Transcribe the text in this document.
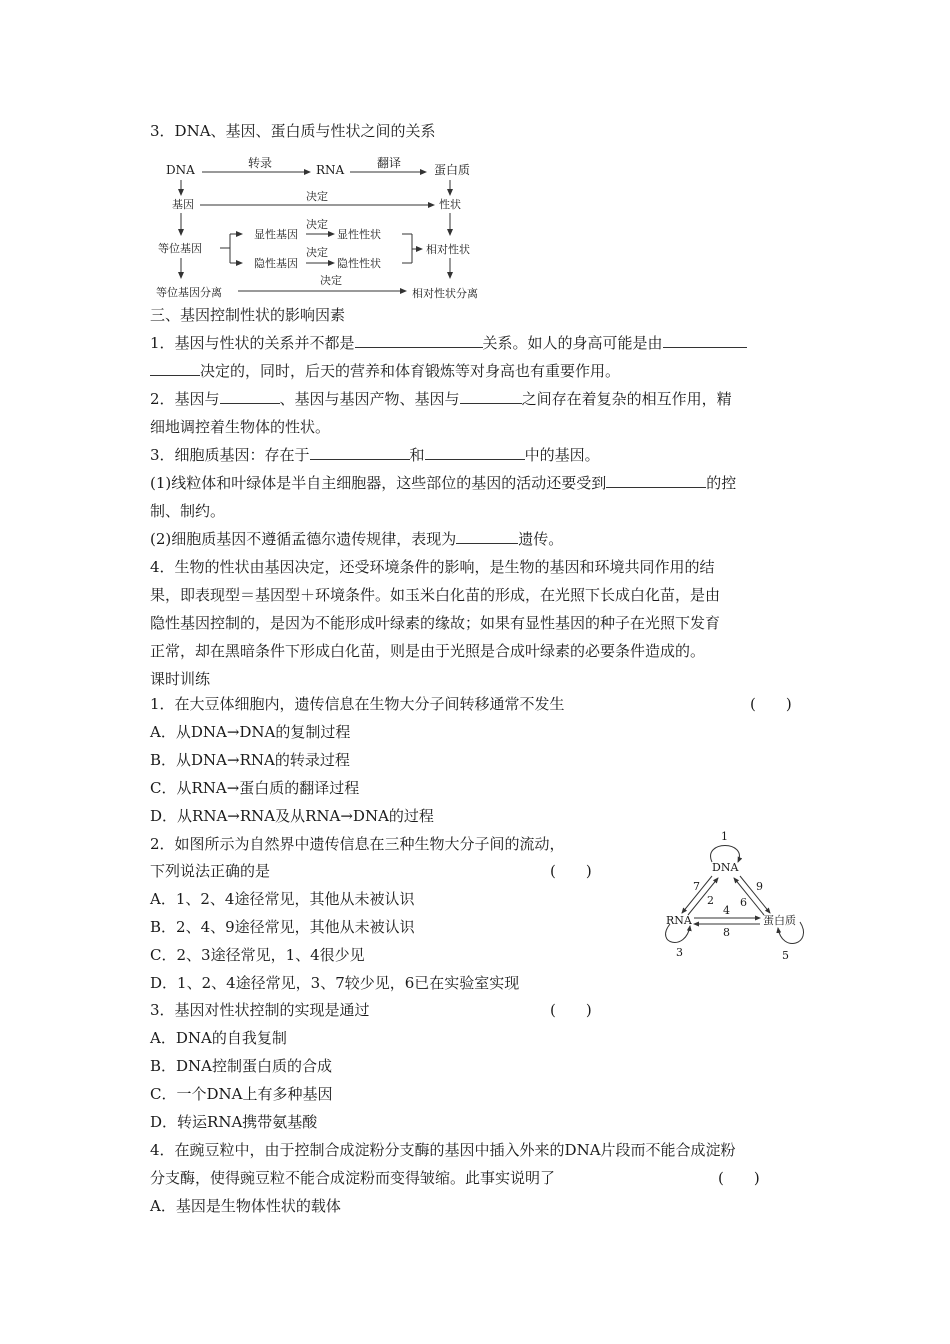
3．DNA、基因、蛋白质与性状之间的关系
DNA	转录	RNA	翻译	蛋白质
基因
决定
性状
等位基因
显性基因
决定
显性性状
隐性基因
决定
隐性性状
相对性状
等位基因分离
决定
相对性状分离
三、基因控制性状的影响因素
1．基因与性状的关系并不都是	关系。如人的身高可能是由
决定的，同时，后天的营养和体育锻炼等对身高也有重要作用。
2．基因与	、基因与基因产物、基因与	之间存在着复杂的相互作用，精
细地调控着生物体的性状。
3．细胞质基因：存在于	和	中的基因。
(1)线粒体和叶绿体是半自主细胞器，这些部位的基因的活动还要受到	的控
制、制约。
(2)细胞质基因不遵循孟德尔遗传规律，表现为	遗传。
4．生物的性状由基因决定，还受环境条件的影响，是生物的基因和环境共同作用的结
果，即表现型＝基因型＋环境条件。如玉米白化苗的形成，在光照下长成白化苗，是由
隐性基因控制的，是因为不能形成叶绿素的缘故；如果有显性基因的种子在光照下发育
正常，却在黑暗条件下形成白化苗，则是由于光照是合成叶绿素的必要条件造成的。
课时训练
1．在大豆体细胞内，遗传信息在生物大分子间转移通常不发生	(　　)
A．从DNA→DNA的复制过程
B．从DNA→RNA的转录过程
C．从RNA→蛋白质的翻译过程
D．从RNA→RNA及从RNA→DNA的过程
2．如图所示为自然界中遗传信息在三种生物大分子间的流动，
下列说法正确的是	(　　)
A．1、2、4途径常见，其他从未被认识
B．2、4、9途径常见，其他从未被认识
C．2、3途径常见，1、4很少见
D．1、2、4途径常见，3、7较少见，6已在实验室实现
1
DNA
7
2
9
6
4
8
RNA	蛋白质
3	5
3．基因对性状控制的实现是通过	(　　)
A．DNA的自我复制
B．DNA控制蛋白质的合成
C．一个DNA上有多种基因
D．转运RNA携带氨基酸
4．在豌豆粒中，由于控制合成淀粉分支酶的基因中插入外来的DNA片段而不能合成淀粉
分支酶，使得豌豆粒不能合成淀粉而变得皱缩。此事实说明了	(　　)
A．基因是生物体性状的载体
